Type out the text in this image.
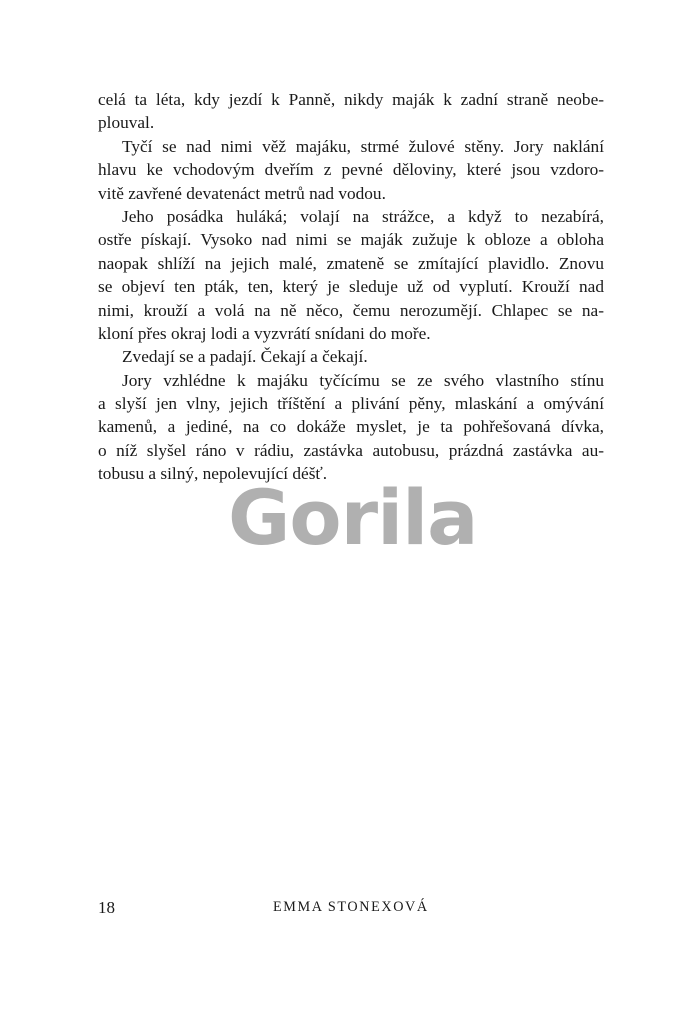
celá ta léta, kdy jezdí k Panně, nikdy maják k zadní straně neobe-
plouval.
Tyčí se nad nimi věž majáku, strmé žulové stěny. Jory naklání
hlavu ke vchodovým dveřím z pevné děloviny, které jsou vzdoro-
vitě zavřené devatenáct metrů nad vodou.
Jeho posádka huláká; volají na strážce, a když to nezabírá,
ostře pískají. Vysoko nad nimi se maják zužuje k obloze a obloha
naopak shlíží na jejich malé, zmateně se zmítající plavidlo. Znovu
se objeví ten pták, ten, který je sleduje už od vyplutí. Krouží nad
nimi, krouží a volá na ně něco, čemu nerozumějí. Chlapec se na-
kloní přes okraj lodi a vyzvrátí snídani do moře.
Zvedají se a padají. Čekají a čekají.
Jory vzhlédne k majáku tyčícímu se ze svého vlastního stínu
a slyší jen vlny, jejich tříštění a plivání pěny, mlaskání a omývání
kamenů, a jediné, na co dokáže myslet, je ta pohřešovaná dívka,
o níž slyšel ráno v rádiu, zastávka autobusu, prázdná zastávka au-
tobusu a silný, nepolevující déšť.
Gorila
18	EMMA STONEXOVÁ
